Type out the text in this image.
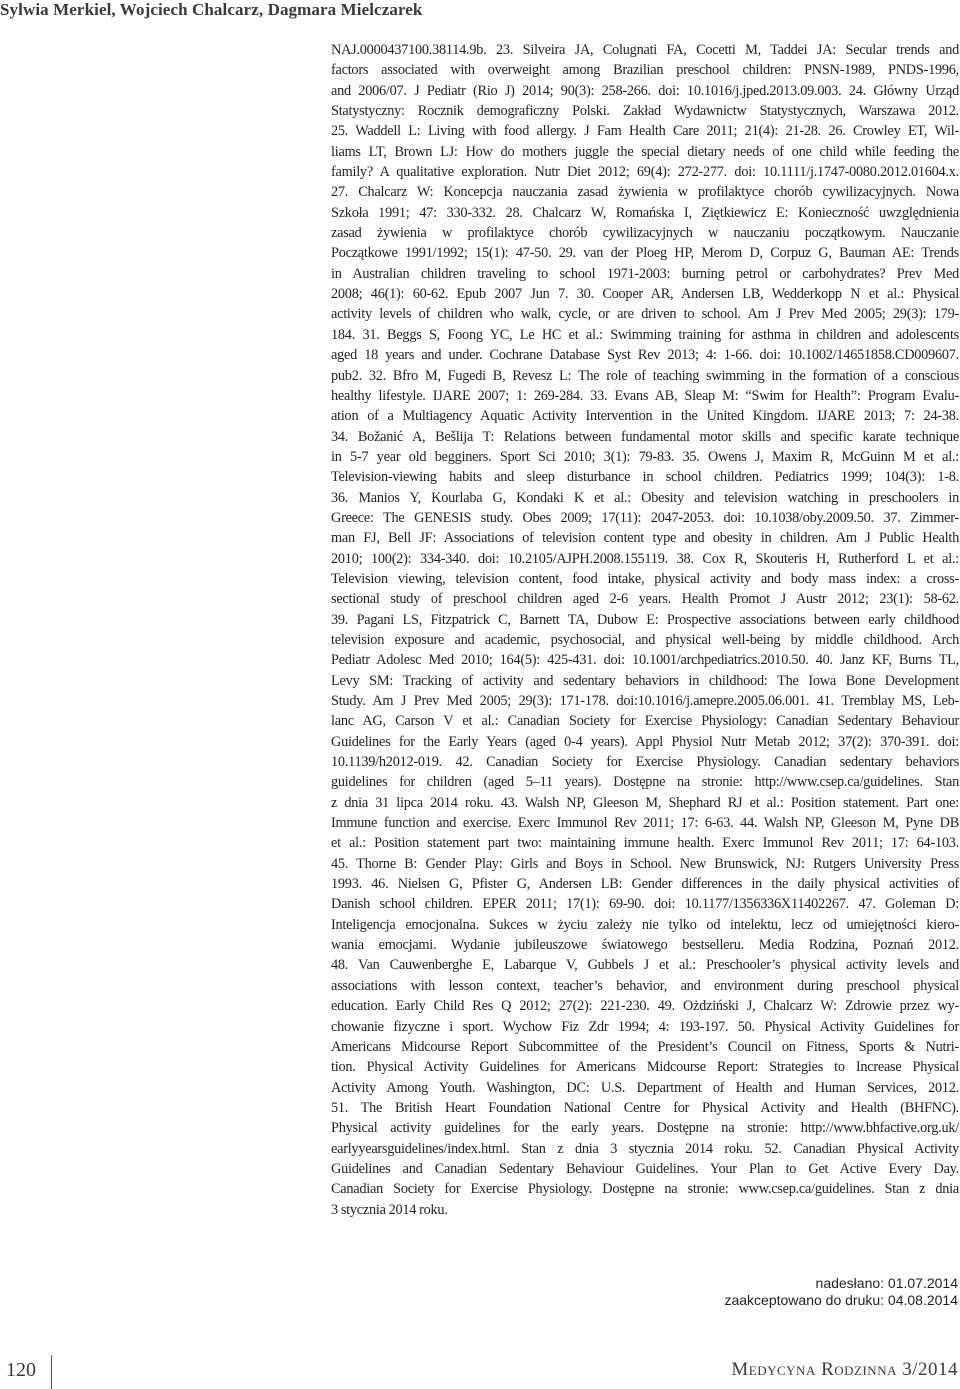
Sylwia Merkiel, Wojciech Chalcarz, Dagmara Mielczarek
NAJ.0000437100.38114.9b. 23. Silveira JA, Colugnati FA, Cocetti M, Taddei JA: Secular trends and
factors associated with overweight among Brazilian preschool children: PNSN-1989, PNDS-1996,
and 2006/07. J Pediatr (Rio J) 2014; 90(3): 258-266. doi: 10.1016/j.jped.2013.09.003. 24. Główny Urząd
Statystyczny: Rocznik demograficzny Polski. Zakład Wydawnictw Statystycznych, Warszawa 2012.
25. Waddell L: Living with food allergy. J Fam Health Care 2011; 21(4): 21-28. 26. Crowley ET, Wil-
liams LT, Brown LJ: How do mothers juggle the special dietary needs of one child while feeding the
family? A qualitative exploration. Nutr Diet 2012; 69(4): 272-277. doi: 10.1111/j.1747-0080.2012.01604.x.
27. Chalcarz W: Koncepcja nauczania zasad żywienia w profilaktyce chorób cywilizacyjnych. Nowa
Szkoła 1991; 47: 330-332. 28. Chalcarz W, Romańska I, Ziętkiewicz E: Konieczność uwzględnienia
zasad żywienia w profilaktyce chorób cywilizacyjnych w nauczaniu początkowym. Nauczanie
Początkowe 1991/1992; 15(1): 47-50. 29. van der Ploeg HP, Merom D, Corpuz G, Bauman AE: Trends
in Australian children traveling to school 1971-2003: burning petrol or carbohydrates? Prev Med
2008; 46(1): 60-62. Epub 2007 Jun 7. 30. Cooper AR, Andersen LB, Wedderkopp N et al.: Physical
activity levels of children who walk, cycle, or are driven to school. Am J Prev Med 2005; 29(3): 179-
184. 31. Beggs S, Foong YC, Le HC et al.: Swimming training for asthma in children and adolescents
aged 18 years and under. Cochrane Database Syst Rev 2013; 4: 1-66. doi: 10.1002/14651858.CD009607.
pub2. 32. Bfro M, Fugedi B, Revesz L: The role of teaching swimming in the formation of a conscious
healthy lifestyle. IJARE 2007; 1: 269-284. 33. Evans AB, Sleap M: “Swim for Health”: Program Evalu-
ation of a Multiagency Aquatic Activity Intervention in the United Kingdom. IJARE 2013; 7: 24-38.
34. Božanić A, Bešlija T: Relations between fundamental motor skills and specific karate technique
in 5-7 year old begginers. Sport Sci 2010; 3(1): 79-83. 35. Owens J, Maxim R, McGuinn M et al.:
Television-viewing habits and sleep disturbance in school children. Pediatrics 1999; 104(3): 1-8.
36. Manios Y, Kourlaba G, Kondaki K et al.: Obesity and television watching in preschoolers in
Greece: The GENESIS study. Obes 2009; 17(11): 2047-2053. doi: 10.1038/oby.2009.50. 37. Zimmer-
man FJ, Bell JF: Associations of television content type and obesity in children. Am J Public Health
2010; 100(2): 334-340. doi: 10.2105/AJPH.2008.155119. 38. Cox R, Skouteris H, Rutherford L et al.:
Television viewing, television content, food intake, physical activity and body mass index: a cross-
sectional study of preschool children aged 2-6 years. Health Promot J Austr 2012; 23(1): 58-62.
39. Pagani LS, Fitzpatrick C, Barnett TA, Dubow E: Prospective associations between early childhood
television exposure and academic, psychosocial, and physical well-being by middle childhood. Arch
Pediatr Adolesc Med 2010; 164(5): 425-431. doi: 10.1001/archpediatrics.2010.50. 40. Janz KF, Burns TL,
Levy SM: Tracking of activity and sedentary behaviors in childhood: The Iowa Bone Development
Study. Am J Prev Med 2005; 29(3): 171-178. doi:10.1016/j.amepre.2005.06.001. 41. Tremblay MS, Leb-
lanc AG, Carson V et al.: Canadian Society for Exercise Physiology: Canadian Sedentary Behaviour
Guidelines for the Early Years (aged 0-4 years). Appl Physiol Nutr Metab 2012; 37(2): 370-391. doi:
10.1139/h2012-019. 42. Canadian Society for Exercise Physiology. Canadian sedentary behaviors
guidelines for children (aged 5–11 years). Dostępne na stronie: http://www.csep.ca/guidelines. Stan
z dnia 31 lipca 2014 roku. 43. Walsh NP, Gleeson M, Shephard RJ et al.: Position statement. Part one:
Immune function and exercise. Exerc Immunol Rev 2011; 17: 6-63. 44. Walsh NP, Gleeson M, Pyne DB
et al.: Position statement part two: maintaining immune health. Exerc Immunol Rev 2011; 17: 64-103.
45. Thorne B: Gender Play: Girls and Boys in School. New Brunswick, NJ: Rutgers University Press
1993. 46. Nielsen G, Pfister G, Andersen LB: Gender differences in the daily physical activities of
Danish school children. EPER 2011; 17(1): 69-90. doi: 10.1177/1356336X11402267. 47. Goleman D:
Inteligencja emocjonalna. Sukces w życiu zależy nie tylko od intelektu, lecz od umiejętności kiero-
wania emocjami. Wydanie jubileuszowe światowego bestselleru. Media Rodzina, Poznań 2012.
48. Van Cauwenberghe E, Labarque V, Gubbels J et al.: Preschooler’s physical activity levels and
associations with lesson context, teacher’s behavior, and environment during preschool physical
education. Early Child Res Q 2012; 27(2): 221-230. 49. Ożdziński J, Chalcarz W: Zdrowie przez wy-
chowanie fizyczne i sport. Wychow Fiz Zdr 1994; 4: 193-197. 50. Physical Activity Guidelines for
Americans Midcourse Report Subcommittee of the President’s Council on Fitness, Sports & Nutri-
tion. Physical Activity Guidelines for Americans Midcourse Report: Strategies to Increase Physical
Activity Among Youth. Washington, DC: U.S. Department of Health and Human Services, 2012.
51. The British Heart Foundation National Centre for Physical Activity and Health (BHFNC).
Physical activity guidelines for the early years. Dostępne na stronie: http://www.bhfactive.org.uk/
earlyyearsguidelines/index.html. Stan z dnia 3 stycznia 2014 roku. 52. Canadian Physical Activity
Guidelines and Canadian Sedentary Behaviour Guidelines. Your Plan to Get Active Every Day.
Canadian Society for Exercise Physiology. Dostępne na stronie: www.csep.ca/guidelines. Stan z dnia
3 stycznia 2014 roku.
nadesłano: 01.07.2014
zaakceptowano do druku: 04.08.2014
120	Medycyna Rodzinna 3/2014
